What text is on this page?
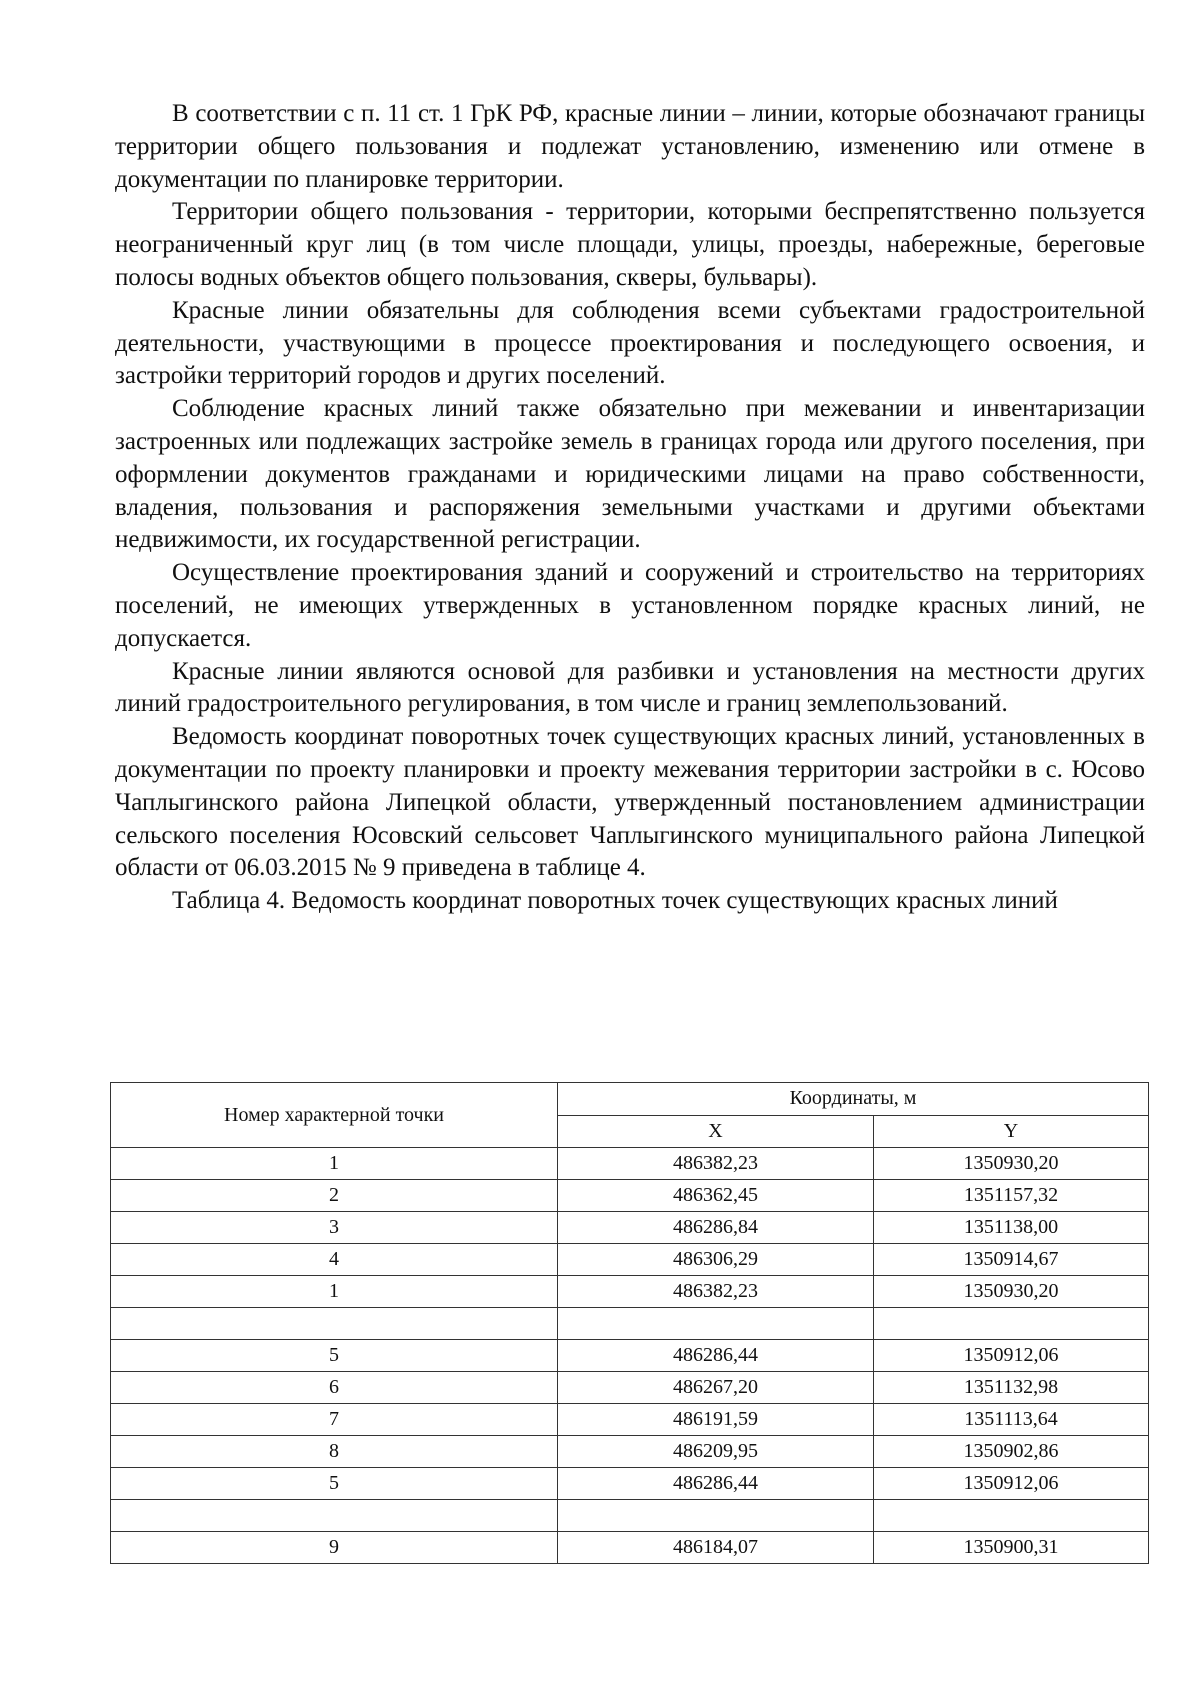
В соответствии с п. 11 ст. 1 ГрК РФ, красные линии – линии, которые обозначают границы территории общего пользования и подлежат установлению, изменению или отмене в документации по планировке территории.

Территории общего пользования - территории, которыми беспрепятственно пользуется неограниченный круг лиц (в том числе площади, улицы, проезды, набережные, береговые полосы водных объектов общего пользования, скверы, бульвары).

Красные линии обязательны для соблюдения всеми субъектами градостроительной деятельности, участвующими в процессе проектирования и последующего освоения, и застройки территорий городов и других поселений.

Соблюдение красных линий также обязательно при межевании и инвентаризации застроенных или подлежащих застройке земель в границах города или другого поселения, при оформлении документов гражданами и юридическими лицами на право собственности, владения, пользования и распоряжения земельными участками и другими объектами недвижимости, их государственной регистрации.

Осуществление проектирования зданий и сооружений и строительство на территориях поселений, не имеющих утвержденных в установленном порядке красных линий, не допускается.

Красные линии являются основой для разбивки и установления на местности других линий градостроительного регулирования, в том числе и границ землепользований.

Ведомость координат поворотных точек существующих красных линий, установленных в документации по проекту планировки и проекту межевания территории застройки в с. Юсово Чаплыгинского района Липецкой области, утвержденный постановлением администрации сельского поселения Юсовский сельсовет Чаплыгинского муниципального района Липецкой области от 06.03.2015 № 9 приведена в таблице 4.

Таблица 4. Ведомость координат поворотных точек существующих красных линий

Номер характерной точки	Координаты, м	
	X	Y
1	486382,23	1350930,20
2	486362,45	1351157,32
3	486286,84	1351138,00
4	486306,29	1350914,67
1	486382,23	1350930,20

5	486286,44	1350912,06
6	486267,20	1351132,98
7	486191,59	1351113,64
8	486209,95	1350902,86
5	486286,44	1350912,06

9	486184,07	1350900,31
